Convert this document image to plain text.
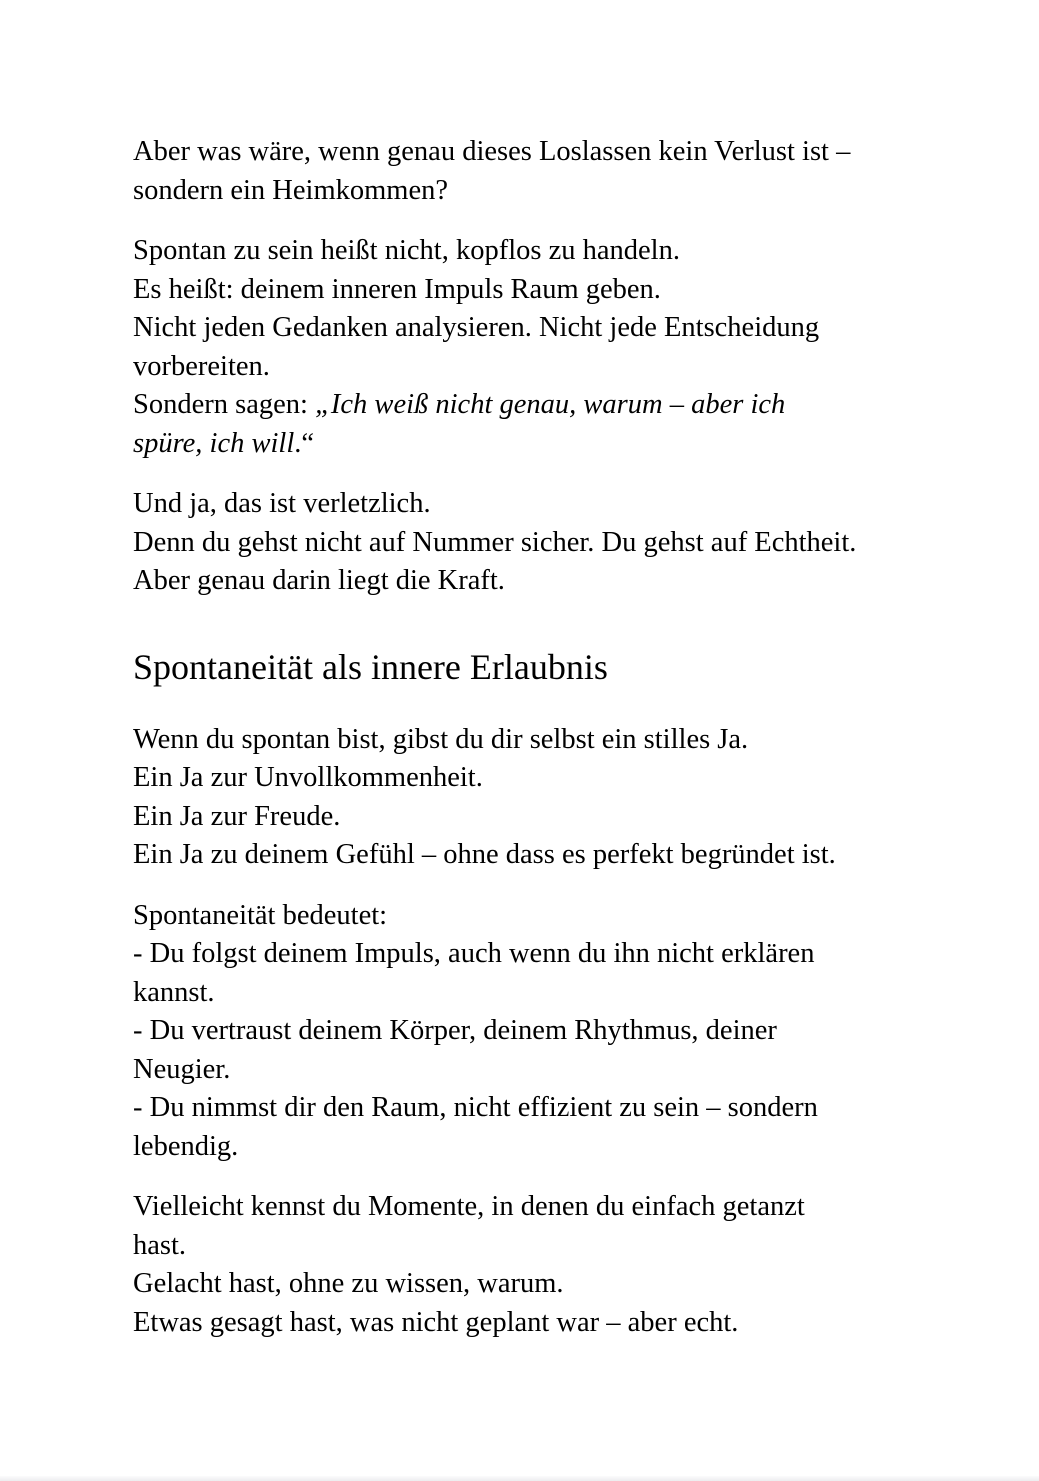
Aber was wäre, wenn genau dieses Loslassen kein Verlust ist –
sondern ein Heimkommen?
Spontan zu sein heißt nicht, kopflos zu handeln.
Es heißt: deinem inneren Impuls Raum geben.
Nicht jeden Gedanken analysieren. Nicht jede Entscheidung
vorbereiten.
Sondern sagen: „Ich weiß nicht genau, warum – aber ich
spüre, ich will.“
Und ja, das ist verletzlich.
Denn du gehst nicht auf Nummer sicher. Du gehst auf Echtheit.
Aber genau darin liegt die Kraft.
Spontaneität als innere Erlaubnis
Wenn du spontan bist, gibst du dir selbst ein stilles Ja.
Ein Ja zur Unvollkommenheit.
Ein Ja zur Freude.
Ein Ja zu deinem Gefühl – ohne dass es perfekt begründet ist.
Spontaneität bedeutet:
- Du folgst deinem Impuls, auch wenn du ihn nicht erklären
kannst.
- Du vertraust deinem Körper, deinem Rhythmus, deiner
Neugier.
- Du nimmst dir den Raum, nicht effizient zu sein – sondern
lebendig.
Vielleicht kennst du Momente, in denen du einfach getanzt
hast.
Gelacht hast, ohne zu wissen, warum.
Etwas gesagt hast, was nicht geplant war – aber echt.
